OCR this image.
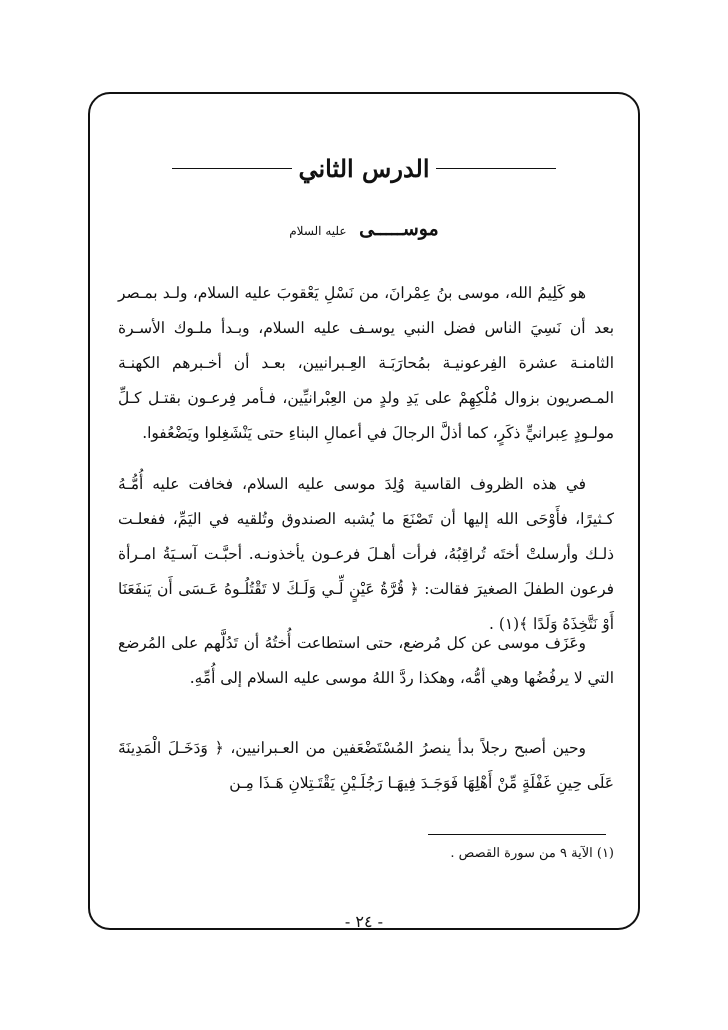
الدرس الثاني
موســـــى عليه السلام

هو كَلِيمُ الله، موسى بنُ عِمْرانَ، من نَسْلِ يَعْقوبَ عليه السلام، ولـد بمـصر بعد أن نَسِيَ الناس فضل النبي يوسـف عليه السلام، وبـدأ ملـوك الأسـرة الثامنـة عشرة الفِرعونيـة بمُحارَبَـة العِـبرانيين، بعـد أن أخـبرهم الكهنـة المـصريون بزوال مُلْكِهِمْ على يَدِ ولدٍ من العِبْرانيِّين، فـأمر فِرعـون بقتـل كـلِّ مولـودٍ عِبرانيٍّ ذكَرٍ، كما أذلَّ الرجالَ في أعمالِ البناءِ حتى يَنْشَغِلوا ويَضْعُفوا.

في هذه الظروف القاسية وُلِدَ موسى عليه السلام، فخافت عليه أُمُّـهُ كـثيرًا، فأَوْحَى الله إليها أن تَصْنَعَ ما يُشبه الصندوق وتُلقيه في اليَمِّ، ففعلـت ذلـك وأرسلتْ أختَه تُراقِبُهُ، فرأت أهـلَ فرعـون يأخذونـه. أحبَّـت آسـيَةُ امـرأة فرعون الطفلَ الصغيرَ فقالت: ﴿ قُرَّةُ عَيْنٍ لِّـي وَلَـكَ لا تَقْتُلُـوهُ عَـسَى أَن يَنفَعَنَا أَوْ نَتَّخِذَهُ وَلَدًا ﴾(١) .

وعَزَف موسى عن كل مُرضع، حتى استطاعت أُختُهُ أن تَدُلَّهم على المُرضع التي لا يرفُضُها وهي أمُّه، وهكذا ردَّ اللهُ موسى عليه السلام إلى أُمِّهِ.

وحين أصبح رجلاً بدأ ينصرُ المُسْتَضْعَفين من العـبرانيين، ﴿ وَدَخَـلَ الْمَدِينَةَ عَلَى حِينِ غَفْلَةٍ مِّنْ أَهْلِهَا فَوَجَـدَ فِيهَـا رَجُلَـيْنِ يَقْتَـتِلانِ هَـذَا مِـن

(١) الآية ٩ من سورة القصص .
- ٢٤ -
